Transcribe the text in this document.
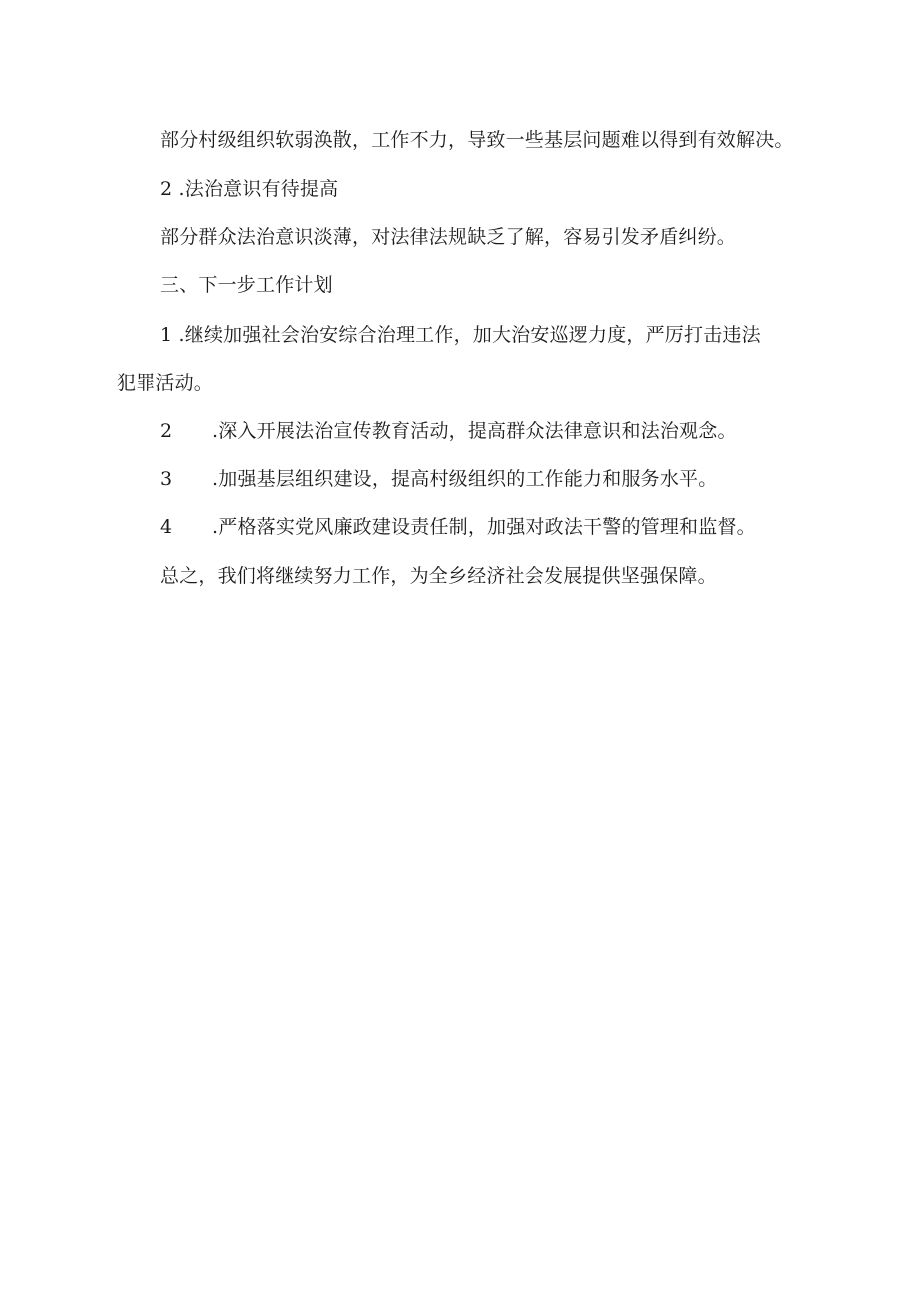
部分村级组织软弱涣散，工作不力，导致一些基层问题难以得到有效解决。
2 .法治意识有待提高
部分群众法治意识淡薄，对法律法规缺乏了解，容易引发矛盾纠纷。
三、下一步工作计划
1 .继续加强社会治安综合治理工作，加大治安巡逻力度，严厉打击违法
犯罪活动。
2 .深入开展法治宣传教育活动，提高群众法律意识和法治观念。
3 .加强基层组织建设，提高村级组织的工作能力和服务水平。
4 .严格落实党风廉政建设责任制，加强对政法干警的管理和监督。
总之，我们将继续努力工作，为全乡经济社会发展提供坚强保障。
